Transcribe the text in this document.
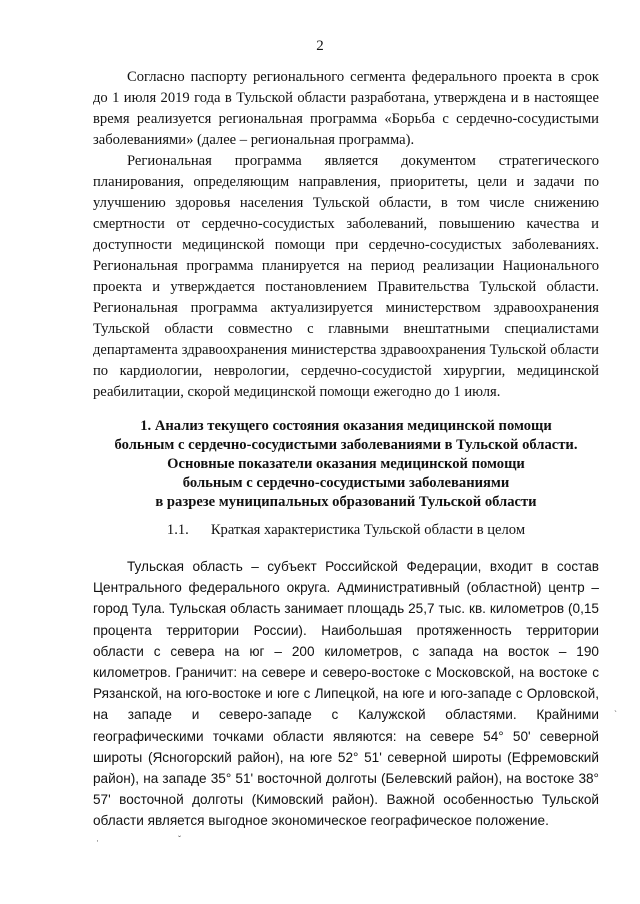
2

Согласно паспорту регионального сегмента федерального проекта в срок до 1 июля 2019 года в Тульской области разработана, утверждена и в настоящее время реализуется региональная программа «Борьба с сердечно-сосудистыми заболеваниями» (далее – региональная программа).

Региональная программа является документом стратегического планирования, определяющим направления, приоритеты, цели и задачи по улучшению здоровья населения Тульской области, в том числе снижению смертности от сердечно-сосудистых заболеваний, повышению качества и доступности медицинской помощи при сердечно-сосудистых заболеваниях. Региональная программа планируется на период реализации Национального проекта и утверждается постановлением Правительства Тульской области. Региональная программа актуализируется министерством здравоохранения Тульской области совместно с главными внештатными специалистами департамента здравоохранения министерства здравоохранения Тульской области по кардиологии, неврологии, сердечно-сосудистой хирургии, медицинской реабилитации, скорой медицинской помощи ежегодно до 1 июля.

1. Анализ текущего состояния оказания медицинской помощи
больным с сердечно-сосудистыми заболеваниями в Тульской области.
Основные показатели оказания медицинской помощи
больным с сердечно-сосудистыми заболеваниями
в разрезе муниципальных образований Тульской области
1.1. Краткая характеристика Тульской области в целом

Тульская область – субъект Российской Федерации, входит в состав Центрального федерального округа. Административный (областной) центр – город Тула. Тульская область занимает площадь 25,7 тыс. кв. километров (0,15 процента территории России). Наибольшая протяженность территории области с севера на юг – 200 километров, с запада на восток – 190 километров. Граничит: на севере и северо-востоке с Московской, на востоке с Рязанской, на юго-востоке и юге с Липецкой, на юге и юго-западе с Орловской, на западе и северо-западе с Калужской областями. Крайними географическими точками области являются: на севере 54° 50' северной широты (Ясногорский район), на юге 52° 51' северной широты (Ефремовский район), на западе 35° 51' восточной долготы (Белевский район), на востоке 38° 57' восточной долготы (Кимовский район). Важной особенностью Тульской области является выгодное экономическое географическое положение.

ˏ
ˇ
·
